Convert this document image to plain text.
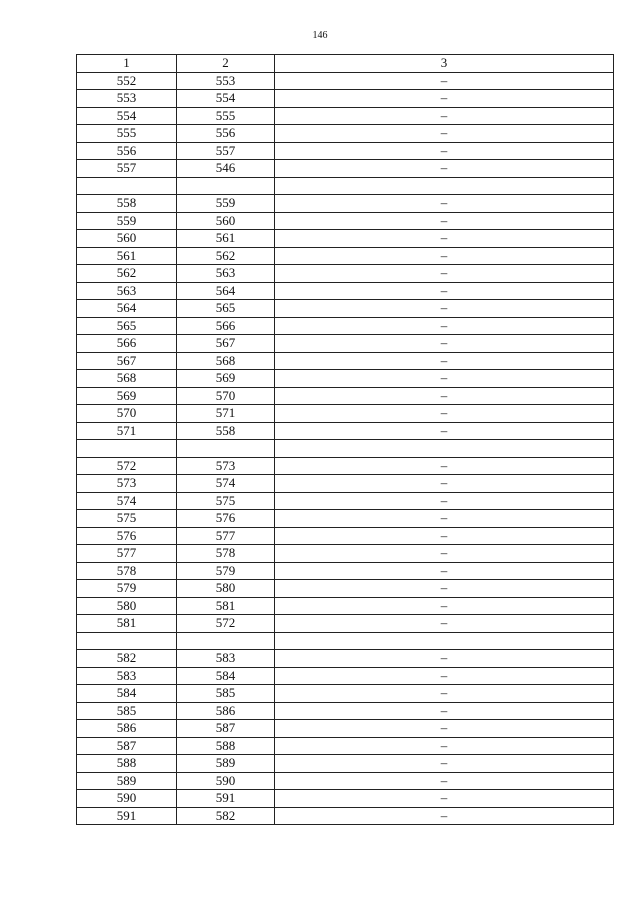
146
1	2	3
552	553	–
553	554	–
554	555	–
555	556	–
556	557	–
557	546	–

558	559	–
559	560	–
560	561	–
561	562	–
562	563	–
563	564	–
564	565	–
565	566	–
566	567	–
567	568	–
568	569	–
569	570	–
570	571	–
571	558	–

572	573	–
573	574	–
574	575	–
575	576	–
576	577	–
577	578	–
578	579	–
579	580	–
580	581	–
581	572	–

582	583	–
583	584	–
584	585	–
585	586	–
586	587	–
587	588	–
588	589	–
589	590	–
590	591	–
591	582	–
